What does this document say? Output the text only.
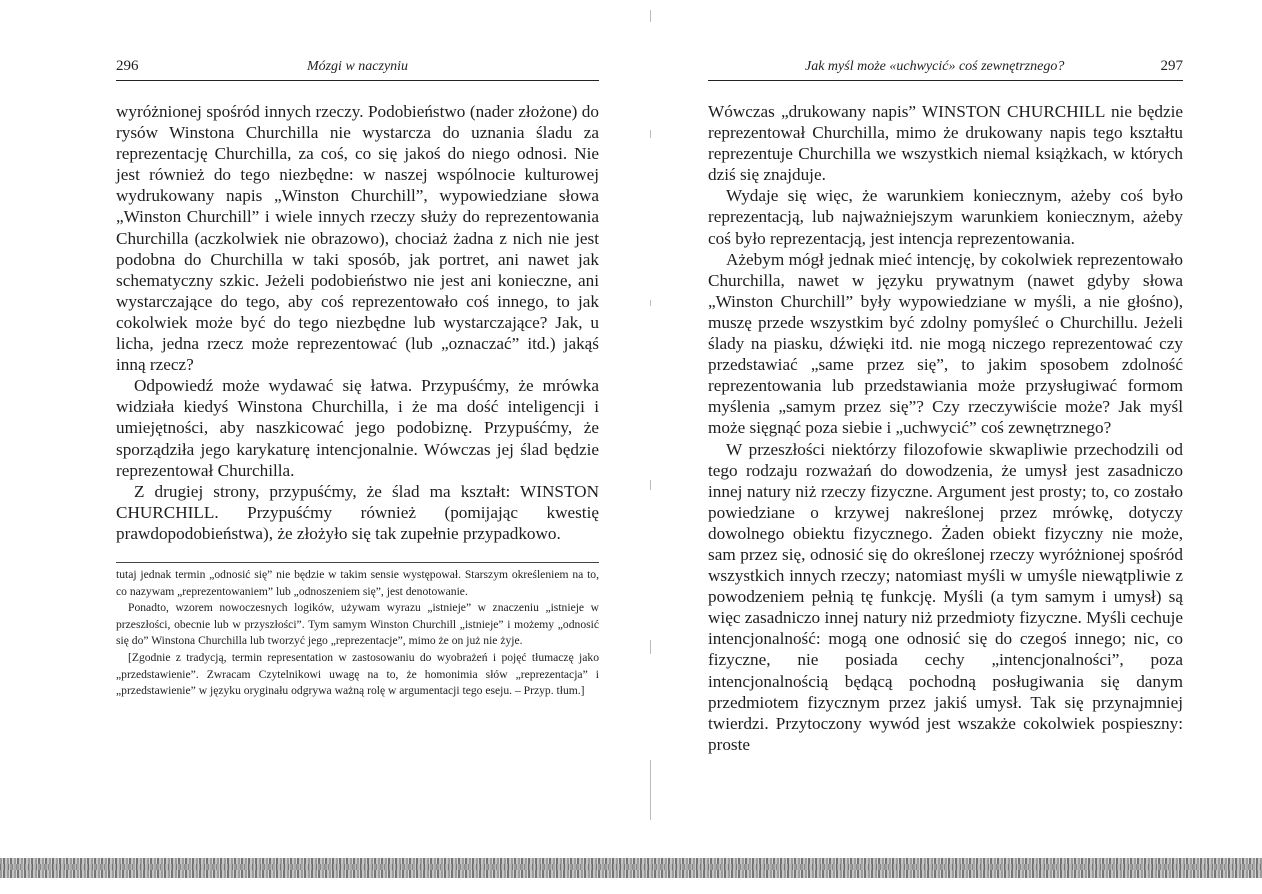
296	Mózgi w naczyniu

wyróżnionej spośród innych rzeczy. Podobieństwo (nader złożone) do rysów Winstona Churchilla nie wystarcza do uznania śladu za reprezentację Churchilla, za coś, co się jakoś do niego odnosi. Nie jest również do tego niezbędne: w naszej wspólnocie kulturowej wydrukowany napis „Winston Churchill”, wypowiedziane słowa „Winston Churchill” i wiele innych rzeczy służy do reprezentowania Churchilla (aczkolwiek nie obrazowo), chociaż żadna z nich nie jest podobna do Churchilla w taki sposób, jak portret, ani nawet jak schematyczny szkic. Jeżeli podobieństwo nie jest ani konieczne, ani wystarczające do tego, aby coś reprezentowało coś innego, to jak cokolwiek może być do tego niezbędne lub wystarczające? Jak, u licha, jedna rzecz może reprezentować (lub „oznaczać” itd.) jakąś inną rzecz?

Odpowiedź może wydawać się łatwa. Przypuśćmy, że mrówka widziała kiedyś Winstona Churchilla, i że ma dość inteligencji i umiejętności, aby naszkicować jego podobiznę. Przypuśćmy, że sporządziła jego karykaturę intencjonalnie. Wówczas jej ślad będzie reprezentował Churchilla.

Z drugiej strony, przypuśćmy, że ślad ma kształt: WINSTON CHURCHILL. Przypuśćmy również (pomijając kwestię prawdopodobieństwa), że złożyło się tak zupełnie przypadkowo.

tutaj jednak termin „odnosić się” nie będzie w takim sensie występował. Starszym określeniem na to, co nazywam „reprezentowaniem” lub „odnoszeniem się”, jest denotowanie.

Ponadto, wzorem nowoczesnych logików, używam wyrazu „istnieje” w znaczeniu „istnieje w przeszłości, obecnie lub w przyszłości”. Tym samym Winston Churchill „istnieje” i możemy „odnosić się do” Winstona Churchilla lub tworzyć jego „reprezentacje”, mimo że on już nie żyje.

[Zgodnie z tradycją, termin representation w zastosowaniu do wyobrażeń i pojęć tłumaczę jako „przedstawienie”. Zwracam Czytelnikowi uwagę na to, że homonimia słów „reprezentacja” i „przedstawienie” w języku oryginału odgrywa ważną rolę w argumentacji tego eseju. – Przyp. tłum.]

Jak myśl może «uchwycić» coś zewnętrznego?	297

Wówczas „drukowany napis” WINSTON CHURCHILL nie będzie reprezentował Churchilla, mimo że drukowany napis tego kształtu reprezentuje Churchilla we wszystkich niemal książkach, w których dziś się znajduje.

Wydaje się więc, że warunkiem koniecznym, ażeby coś było reprezentacją, lub najważniejszym warunkiem koniecznym, ażeby coś było reprezentacją, jest intencja reprezentowania.

Ażebym mógł jednak mieć intencję, by cokolwiek reprezentowało Churchilla, nawet w języku prywatnym (nawet gdyby słowa „Winston Churchill” były wypowiedziane w myśli, a nie głośno), muszę przede wszystkim być zdolny pomyśleć o Churchillu. Jeżeli ślady na piasku, dźwięki itd. nie mogą niczego reprezentować czy przedstawiać „same przez się”, to jakim sposobem zdolność reprezentowania lub przedstawiania może przysługiwać formom myślenia „samym przez się”? Czy rzeczywiście może? Jak myśl może sięgnąć poza siebie i „uchwycić” coś zewnętrznego?

W przeszłości niektórzy filozofowie skwapliwie przechodzili od tego rodzaju rozważań do dowodzenia, że umysł jest zasadniczo innej natury niż rzeczy fizyczne. Argument jest prosty; to, co zostało powiedziane o krzywej nakreślonej przez mrówkę, dotyczy dowolnego obiektu fizycznego. Żaden obiekt fizyczny nie może, sam przez się, odnosić się do określonej rzeczy wyróżnionej spośród wszystkich innych rzeczy; natomiast myśli w umyśle niewątpliwie z powodzeniem pełnią tę funkcję. Myśli (a tym samym i umysł) są więc zasadniczo innej natury niż przedmioty fizyczne. Myśli cechuje intencjonalność: mogą one odnosić się do czegoś innego; nic, co fizyczne, nie posiada cechy „intencjonalności”, poza intencjonalnością będącą pochodną posługiwania się danym przedmiotem fizycznym przez jakiś umysł. Tak się przynajmniej twierdzi. Przytoczony wywód jest wszakże cokolwiek pospieszny: proste
